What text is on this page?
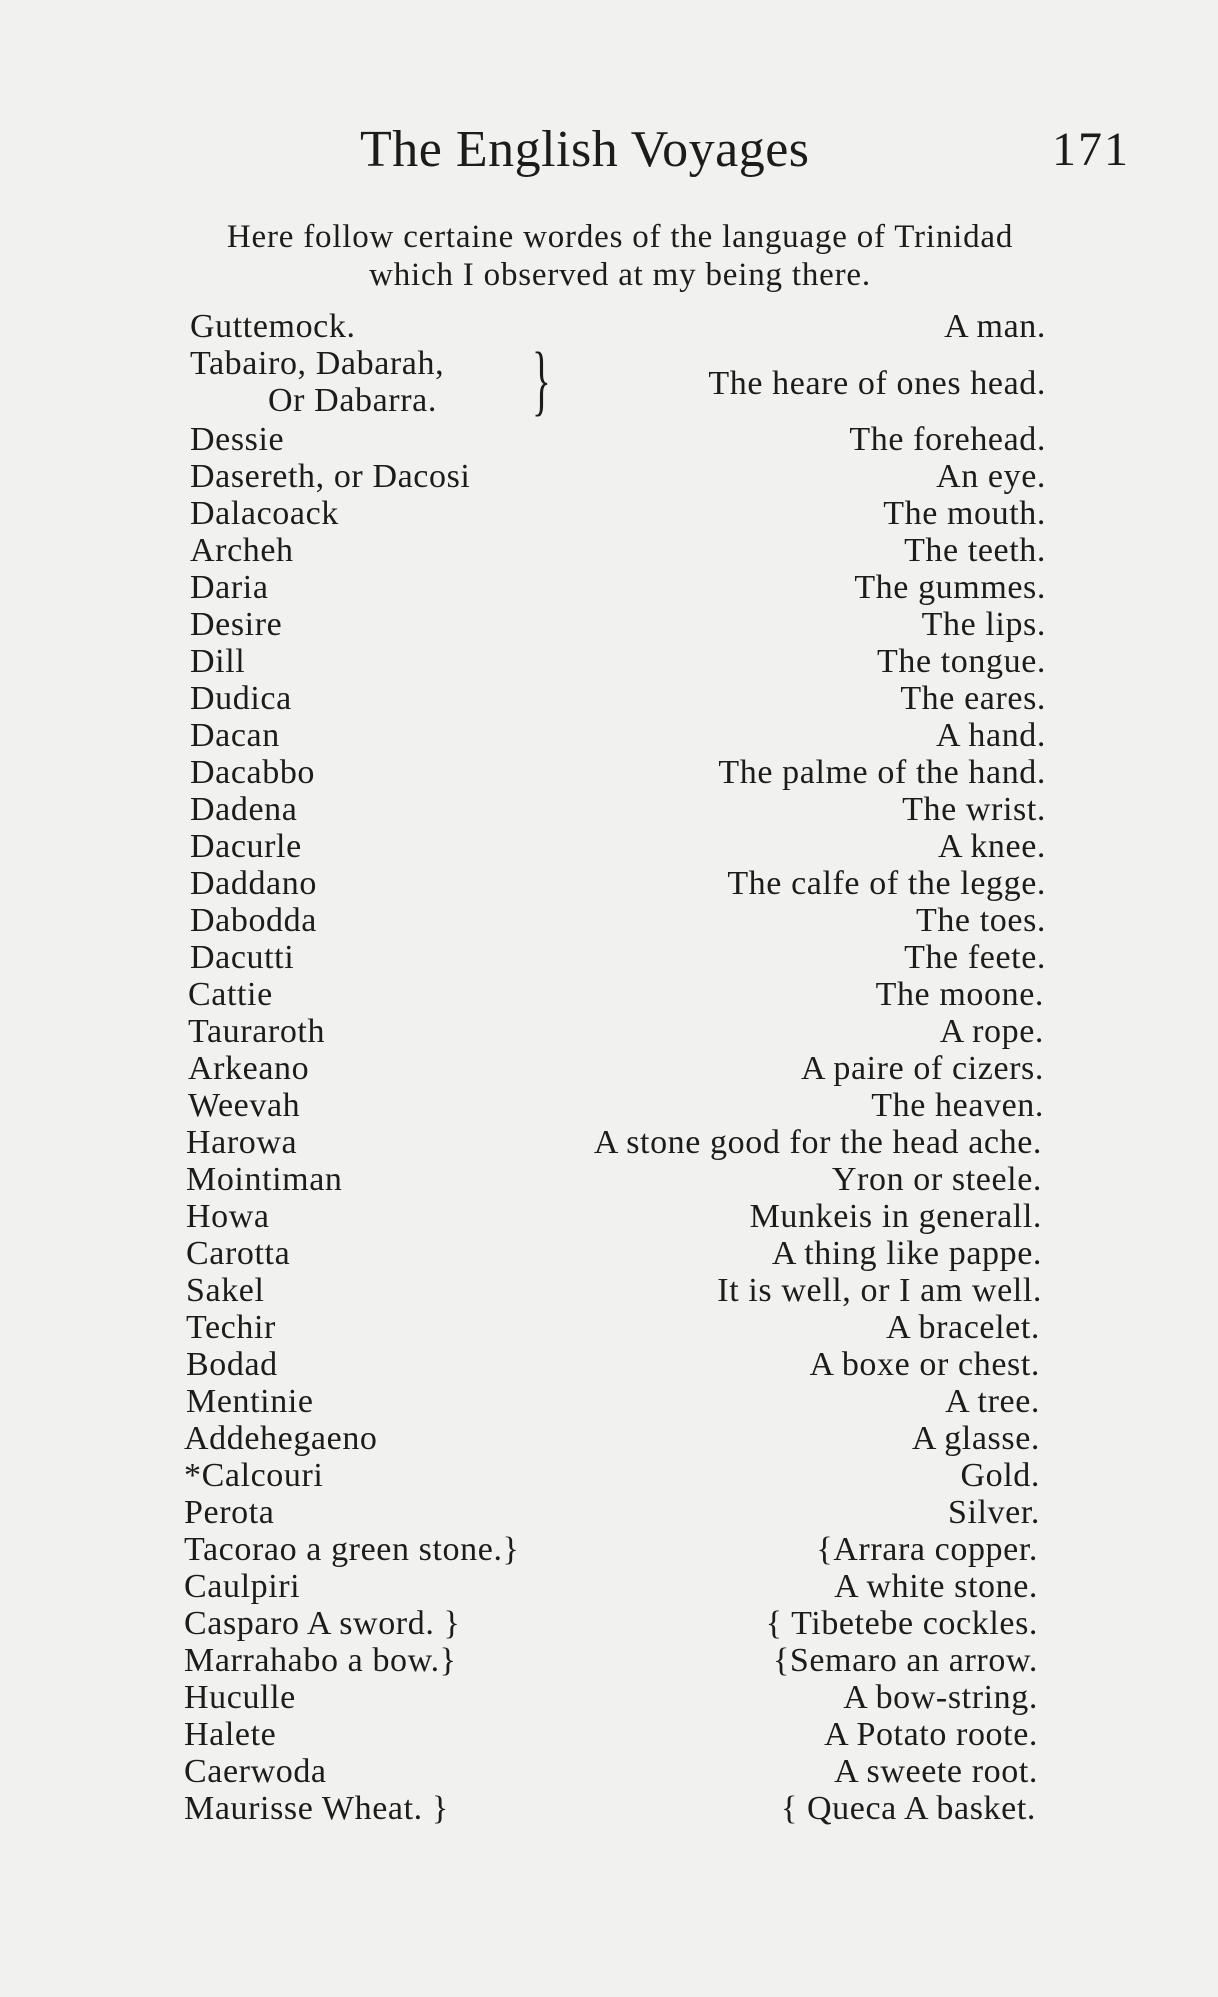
The English Voyages	171
Here follow certaine wordes of the language of Trinidad
which I observed at my being there.
Guttemock.	A man.
Tabairo, Dabarah,
Or Dabarra. }	The heare of ones head.
Dessie	The forehead.
Dasereth, or Dacosi	An eye.
Dalacoack	The mouth.
Archeh	The teeth.
Daria	The gummes.
Desire	The lips.
Dill	The tongue.
Dudica	The eares.
Dacan	A hand.
Dacabbo	The palme of the hand.
Dadena	The wrist.
Dacurle	A knee.
Daddano	The calfe of the legge.
Dabodda	The toes.
Dacutti	The feete.
Cattie	The moone.
Taurarоth	A rope.
Arkeano	A paire of cizers.
Weevah	The heaven.
Harowa	A stone good for the head ache.
Mointiman	Yron or steele.
Howa	Munkeis in generall.
Carotta	A thing like pappe.
Sakel	It is well, or I am well.
Techir	A bracelet.
Bodad	A boxe or chest.
Mentinie	A tree.
Addehegaeno	A glasse.
*Calcouri	Gold.
Perota	Silver.
Tacorao a green stone.}	{Arrara copper.
Caulpiri	A white stone.
Casparo A sword. }	{ Tibetebe cockles.
Marrahabo a bow.}	{Semaro an arrow.
Huculle	A bow-string.
Halete	A Potato roote.
Caerwoda	A sweete root.
Maurisse Wheat. }	{ Queca A basket.
